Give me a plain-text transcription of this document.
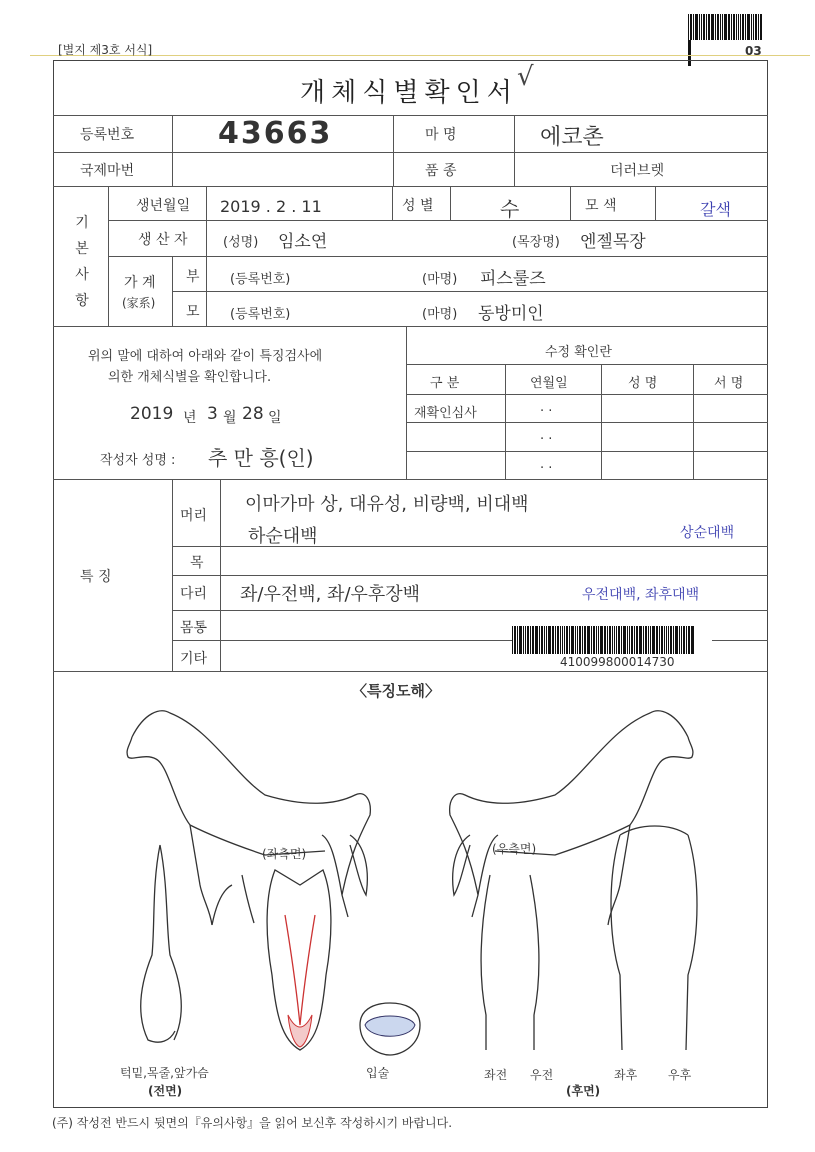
03
[별지 제3호 서식]
개체식별확인서
√
등록번호	43663	마 명	에코촌
국제마번	품 종	더러브렛
기본사항
생년월일 2019 . 2 . 11	성 별	수	모 색	갈색
생 산 자	(성명) 임소연	(목장명) 엔젤목장
가 계
(家系)
부 (등록번호)	(마명) 피스룰즈
모 (등록번호)	(마명) 동방미인
위의 말에 대하여 아래와 같이 특징검사에
의한 개체식별을 확인합니다.
2019 년 3 월 28 일
작성자 성명 : 추 만 흥(인)
수정 확인란
구 분	연월일	성 명	서 명
재확인심사	. .
. .
. .
특 징
머리
이마가마 상, 대유성, 비량백, 비대백
하순대백	상순대백
목
다리 좌/우전백, 좌/우후장백	우전대백, 좌후대백
몸통
기타	410099800014730
〈특징도해〉
(좌측면)	(우측면)
턱밑,목줄,앞가슴
(전면)
입술	좌전 우전	좌후	우후
(후면)
(주) 작성전 반드시 뒷면의『유의사항』을 읽어 보신후 작성하시기 바랍니다.
